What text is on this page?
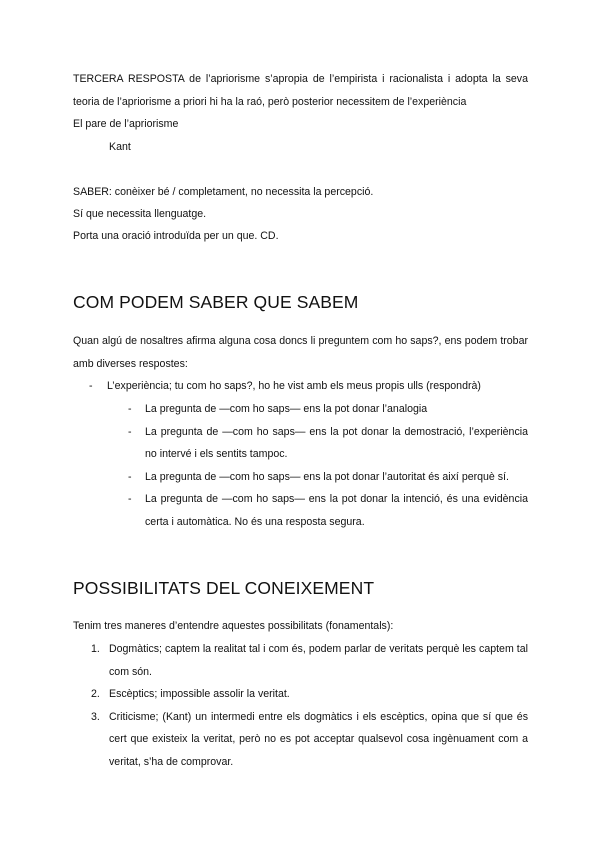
TERCERA RESPOSTA de l’apriorisme s’apropia de l’empirista i racionalista i adopta la seva teoria de l’apriorisme a priori hi ha la raó, però posterior necessitem de l’experiència

El pare de l’apriorisme

Kant

SABER: conèixer bé / completament, no necessita la percepció.

Sí que necessita llenguatge.

Porta una oració introduïda per un que. CD.

COM PODEM SABER QUE SABEM

Quan algú de nosaltres afirma alguna cosa doncs li preguntem com ho saps?, ens podem trobar amb diverses respostes:

- L’experiència; tu com ho saps?, ho he vist amb els meus propis ulls (respondrà)
- La pregunta de —com ho saps— ens la pot donar l’analogia
- La pregunta de —com ho saps— ens la pot donar la demostració, l’experiència no intervé i els sentits tampoc.
- La pregunta de —com ho saps— ens la pot donar l’autoritat és així perquè sí.
- La pregunta de —com ho saps— ens la pot donar la intenció, és una evidència certa i automàtica. No és una resposta segura.
POSSIBILITATS DEL CONEIXEMENT

Tenim tres maneres d’entendre aquestes possibilitats (fonamentals):

1. Dogmàtics; captem la realitat tal i com és, podem parlar de veritats perquè les captem tal com són.
2. Escèptics; impossible assolir la veritat.
3. Criticisme; (Kant) un intermedi entre els dogmàtics i els escèptics, opina que sí que és cert que existeix la veritat, però no es pot acceptar qualsevol cosa ingènuament com a veritat, s’ha de comprovar.
